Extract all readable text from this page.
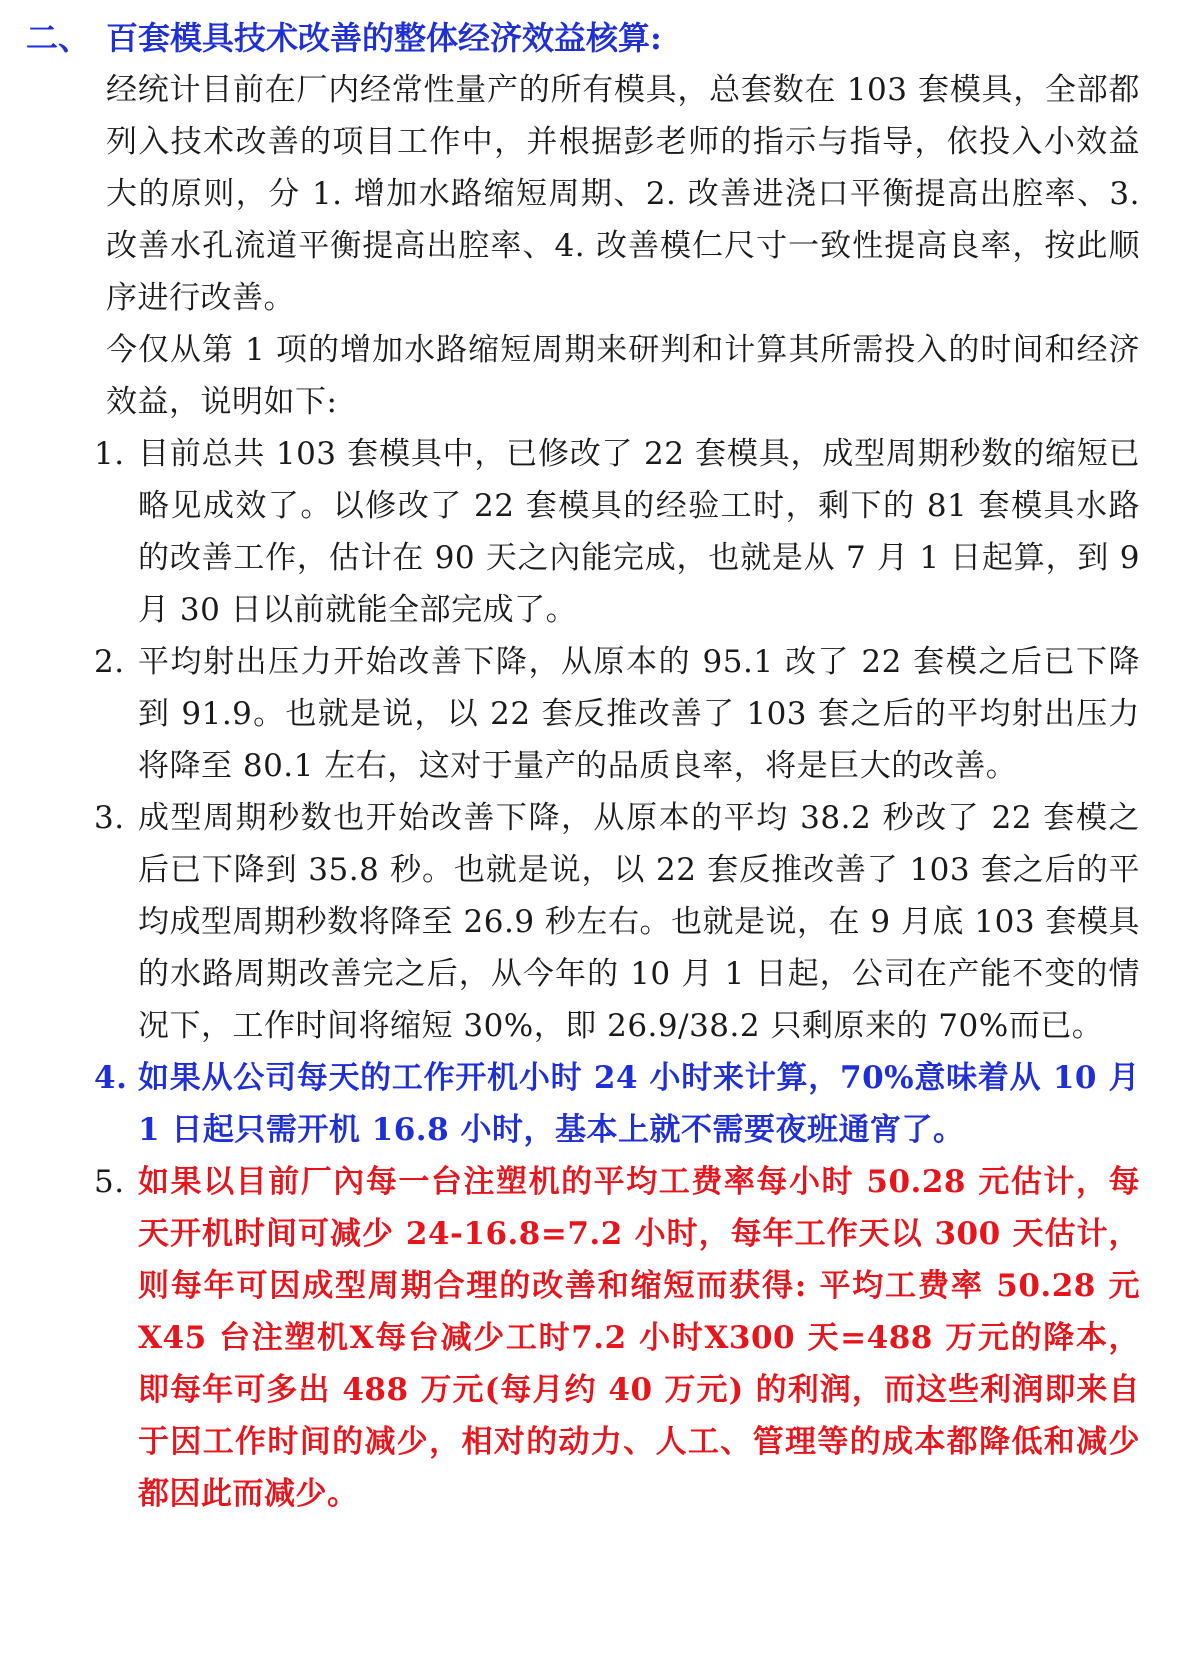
二、 百套模具技术改善的整体经济效益核算:

经统计目前在厂内经常性量产的所有模具，总套数在 103 套模具，全部都列入技术改善的项目工作中，并根据彭老师的指示与指导，依投入小效益大的原则，分 1. 增加水路缩短周期、2. 改善进浇口平衡提高出腔率、3. 改善水孔流道平衡提高出腔率、4. 改善模仁尺寸一致性提高良率，按此顺序进行改善。

今仅从第 1 项的增加水路缩短周期来研判和计算其所需投入的时间和经济效益，说明如下:

1. 目前总共 103 套模具中，已修改了 22 套模具，成型周期秒数的缩短已略见成效了。以修改了 22 套模具的经验工时，剩下的 81 套模具水路的改善工作，估计在 90 天之內能完成，也就是从 7 月 1 日起算，到 9 月 30 日以前就能全部完成了。
2. 平均射出压力开始改善下降，从原本的 95.1 改了 22 套模之后已下降到 91.9。也就是说，以 22 套反推改善了 103 套之后的平均射出压力将降至 80.1 左右，这对于量产的品质良率，将是巨大的改善。
3. 成型周期秒数也开始改善下降，从原本的平均 38.2 秒改了 22 套模之后已下降到 35.8 秒。也就是说，以 22 套反推改善了 103 套之后的平均成型周期秒数将降至 26.9 秒左右。也就是说，在 9 月底 103 套模具的水路周期改善完之后，从今年的 10 月 1 日起，公司在产能不变的情况下，工作时间将缩短 30%，即 26.9/38.2 只剩原来的 70%而已。
4. 如果从公司每天的工作开机小时 24 小时来计算，70%意味着从 10 月 1 日起只需开机 16.8 小时，基本上就不需要夜班通宵了。
5. 如果以目前厂內每一台注塑机的平均工费率每小时 50.28 元估计，每天开机时间可减少 24-16.8=7.2 小时，每年工作天以 300 天估计，则每年可因成型周期合理的改善和缩短而获得: 平均工费率 50.28 元X45 台注塑机X每台减少工时7.2 小时X300 天=488 万元的降本，即每年可多出 488 万元(每月约 40 万元) 的利润，而这些利润即来自于因工作时间的减少，相对的动力、人工、管理等的成本都降低和减少都因此而减少。
